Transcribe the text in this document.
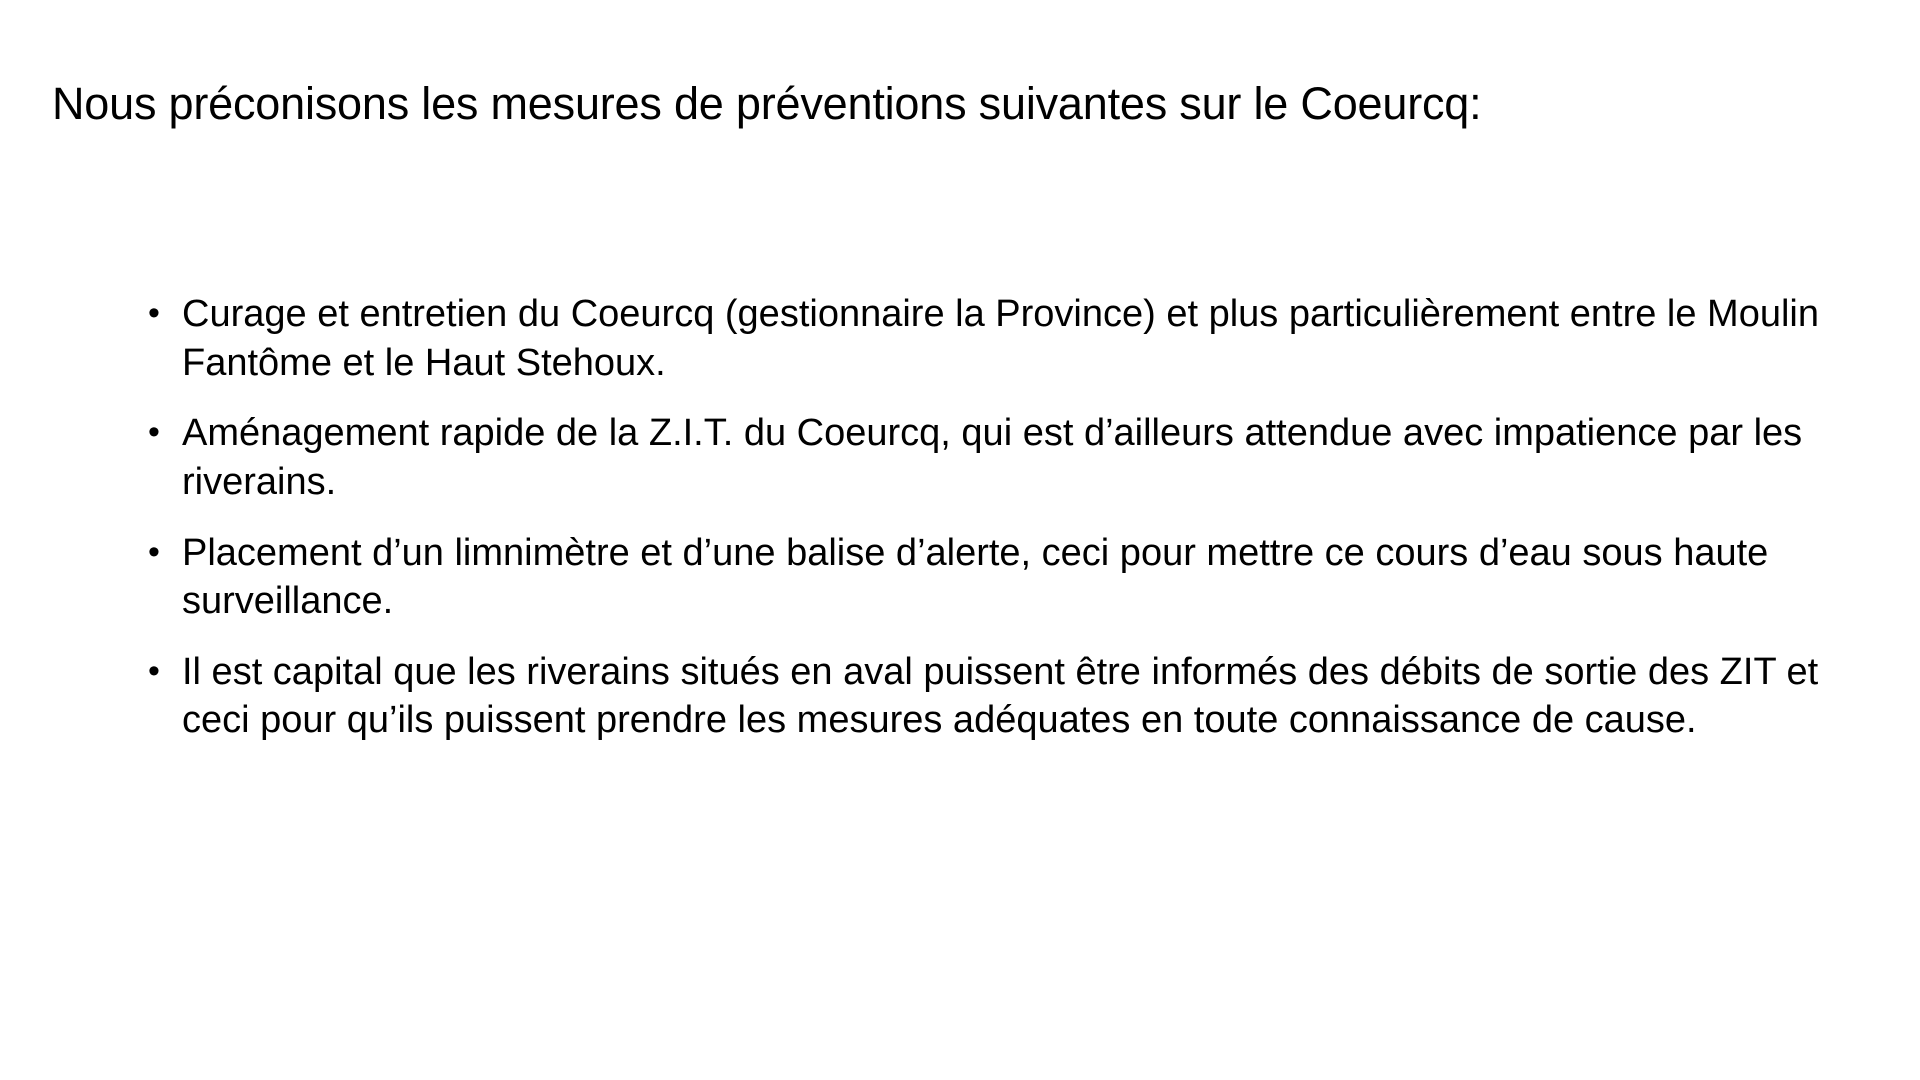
Nous préconisons les mesures de préventions suivantes sur le Coeurcq:
• Curage et entretien du Coeurcq (gestionnaire la Province) et plus particulièrement entre le Moulin Fantôme et le Haut Stehoux.
• Aménagement rapide de la Z.I.T. du Coeurcq, qui est d’ailleurs attendue avec impatience par les riverains.
• Placement d’un limnimètre et d’une balise d’alerte, ceci pour mettre ce cours d’eau sous haute surveillance.
• Il est capital que les riverains situés en aval puissent être informés des débits de sortie des ZIT et ceci pour qu’ils puissent prendre les mesures adéquates en toute connaissance de cause.
